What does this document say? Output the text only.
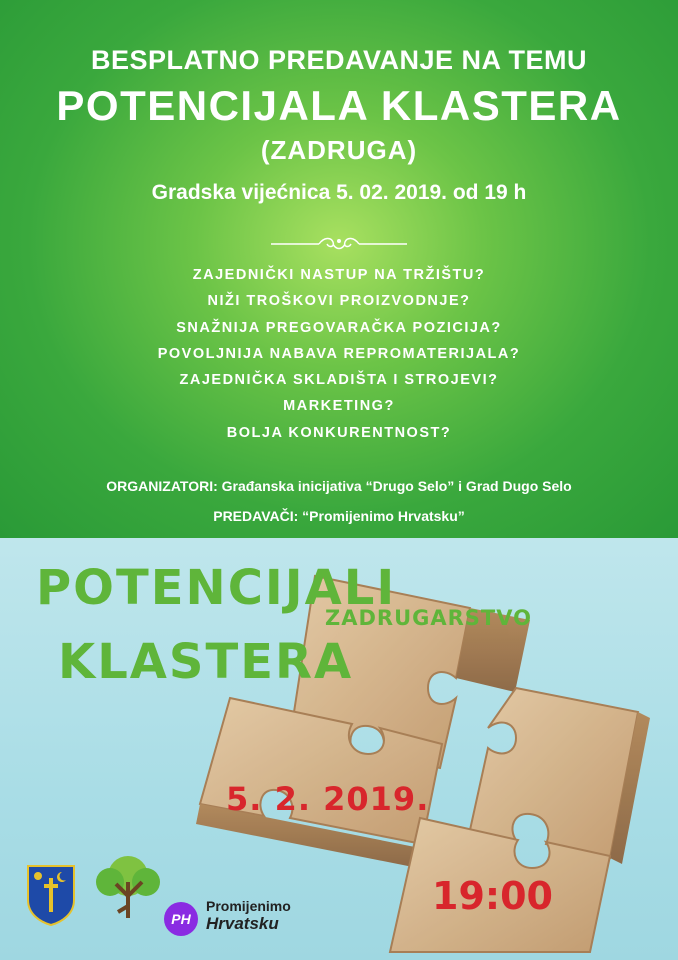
BESPLATNO PREDAVANJE NA TEMU
POTENCIJALA KLASTERA
(ZADRUGA)
Gradska vijećnica 5. 02. 2019. od 19 h
ZAJEDNIČKI NASTUP NA TRŽIŠTU?
NIŽI TROŠKOVI PROIZVODNJE?
SNAŽNIJA PREGOVARAČKA POZICIJA?
POVOLJNIJA NABAVA REPROMATERIJALA?
ZAJEDNIČKA SKLADIŠTA I STROJEVI?
MARKETING?
BOLJA KONKURENTNOST?
ORGANIZATORI: Građanska inicijativa “Drugo Selo” i Grad Dugo Selo
PREDAVAČI: “Promijenimo Hrvatsku”
POTENCIJALI
KLASTERA
ZADRUGARSTVO
5. 2. 2019.
19:00
PH
Promijenimo
Hrvatsku
